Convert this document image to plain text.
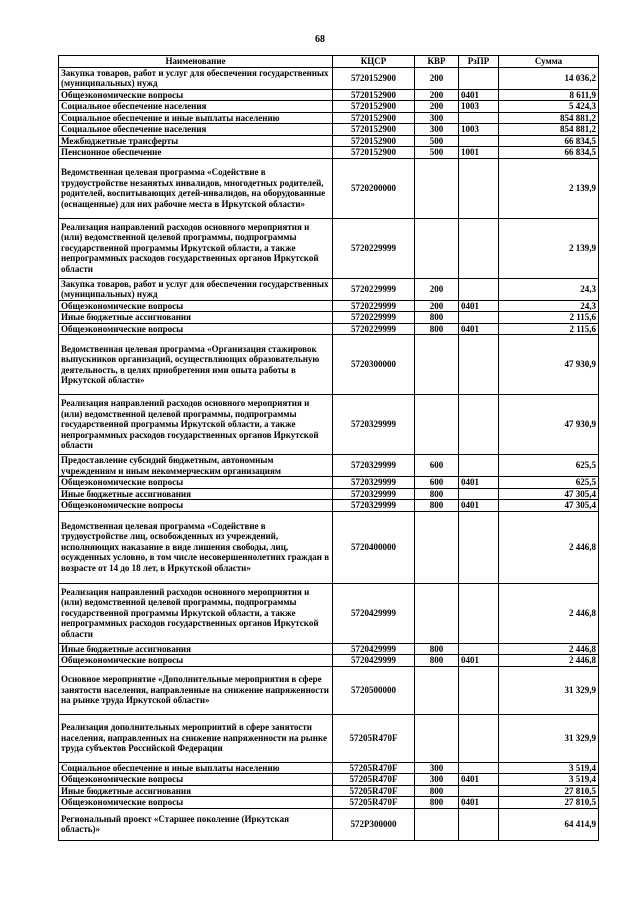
68
Наименование	КЦСР	КВР	РзПР	Сумма
Закупка товаров, работ и услуг для обеспечения государственных (муниципальных) нужд	5720152900	200		14 036,2
Общеэкономические вопросы	5720152900	200	0401	8 611,9
Социальное обеспечение населения	5720152900	200	1003	5 424,3
Социальное обеспечение и иные выплаты населению	5720152900	300		854 881,2
Социальное обеспечение населения	5720152900	300	1003	854 881,2
Межбюджетные трансферты	5720152900	500		66 834,5
Пенсионное обеспечение	5720152900	500	1001	66 834,5
Ведомственная целевая программа «Содействие в трудоустройстве незанятых инвалидов, многодетных родителей, родителей, воспитывающих детей-инвалидов, на оборудованные (оснащенные) для них рабочие места в Иркутской области»	5720200000			2 139,9
Реализация направлений расходов основного мероприятия и (или) ведомственной целевой программы, подпрограммы государственной программы Иркутской области, а также непрограммных расходов государственных органов Иркутской области	5720229999			2 139,9
Закупка товаров, работ и услуг для обеспечения государственных (муниципальных) нужд	5720229999	200		24,3
Общеэкономические вопросы	5720229999	200	0401	24,3
Иные бюджетные ассигнования	5720229999	800		2 115,6
Общеэкономические вопросы	5720229999	800	0401	2 115,6
Ведомственная целевая программа «Организация стажировок выпускников организаций, осуществляющих образовательную деятельность, в целях приобретения ими опыта работы в Иркутской области»	5720300000			47 930,9
Реализация направлений расходов основного мероприятия и (или) ведомственной целевой программы, подпрограммы государственной программы Иркутской области, а также непрограммных расходов государственных органов Иркутской области	5720329999			47 930,9
Предоставление субсидий бюджетным, автономным учреждениям и иным некоммерческим организациям	5720329999	600		625,5
Общеэкономические вопросы	5720329999	600	0401	625,5
Иные бюджетные ассигнования	5720329999	800		47 305,4
Общеэкономические вопросы	5720329999	800	0401	47 305,4
Ведомственная целевая программа «Содействие в трудоустройстве лиц, освобожденных из учреждений, исполняющих наказание в виде лишения свободы, лиц, осужденных условно, в том числе несовершеннолетних граждан в возрасте от 14 до 18 лет, в Иркутской области»	5720400000			2 446,8
Реализация направлений расходов основного мероприятия и (или) ведомственной целевой программы, подпрограммы государственной программы Иркутской области, а также непрограммных расходов государственных органов Иркутской области	5720429999			2 446,8
Иные бюджетные ассигнования	5720429999	800		2 446,8
Общеэкономические вопросы	5720429999	800	0401	2 446,8
Основное мероприятие «Дополнительные мероприятия в сфере занятости населения, направленные на снижение напряженности на рынке труда Иркутской области»	5720500000			31 329,9
Реализация дополнительных мероприятий в сфере занятости населения, направленных на снижение напряженности на рынке труда субъектов Российской Федерации	57205R470F			31 329,9
Социальное обеспечение и иные выплаты населению	57205R470F	300		3 519,4
Общеэкономические вопросы	57205R470F	300	0401	3 519,4
Иные бюджетные ассигнования	57205R470F	800		27 810,5
Общеэкономические вопросы	57205R470F	800	0401	27 810,5
Региональный проект «Старшее поколение (Иркутская область)»	572P300000			64 414,9
